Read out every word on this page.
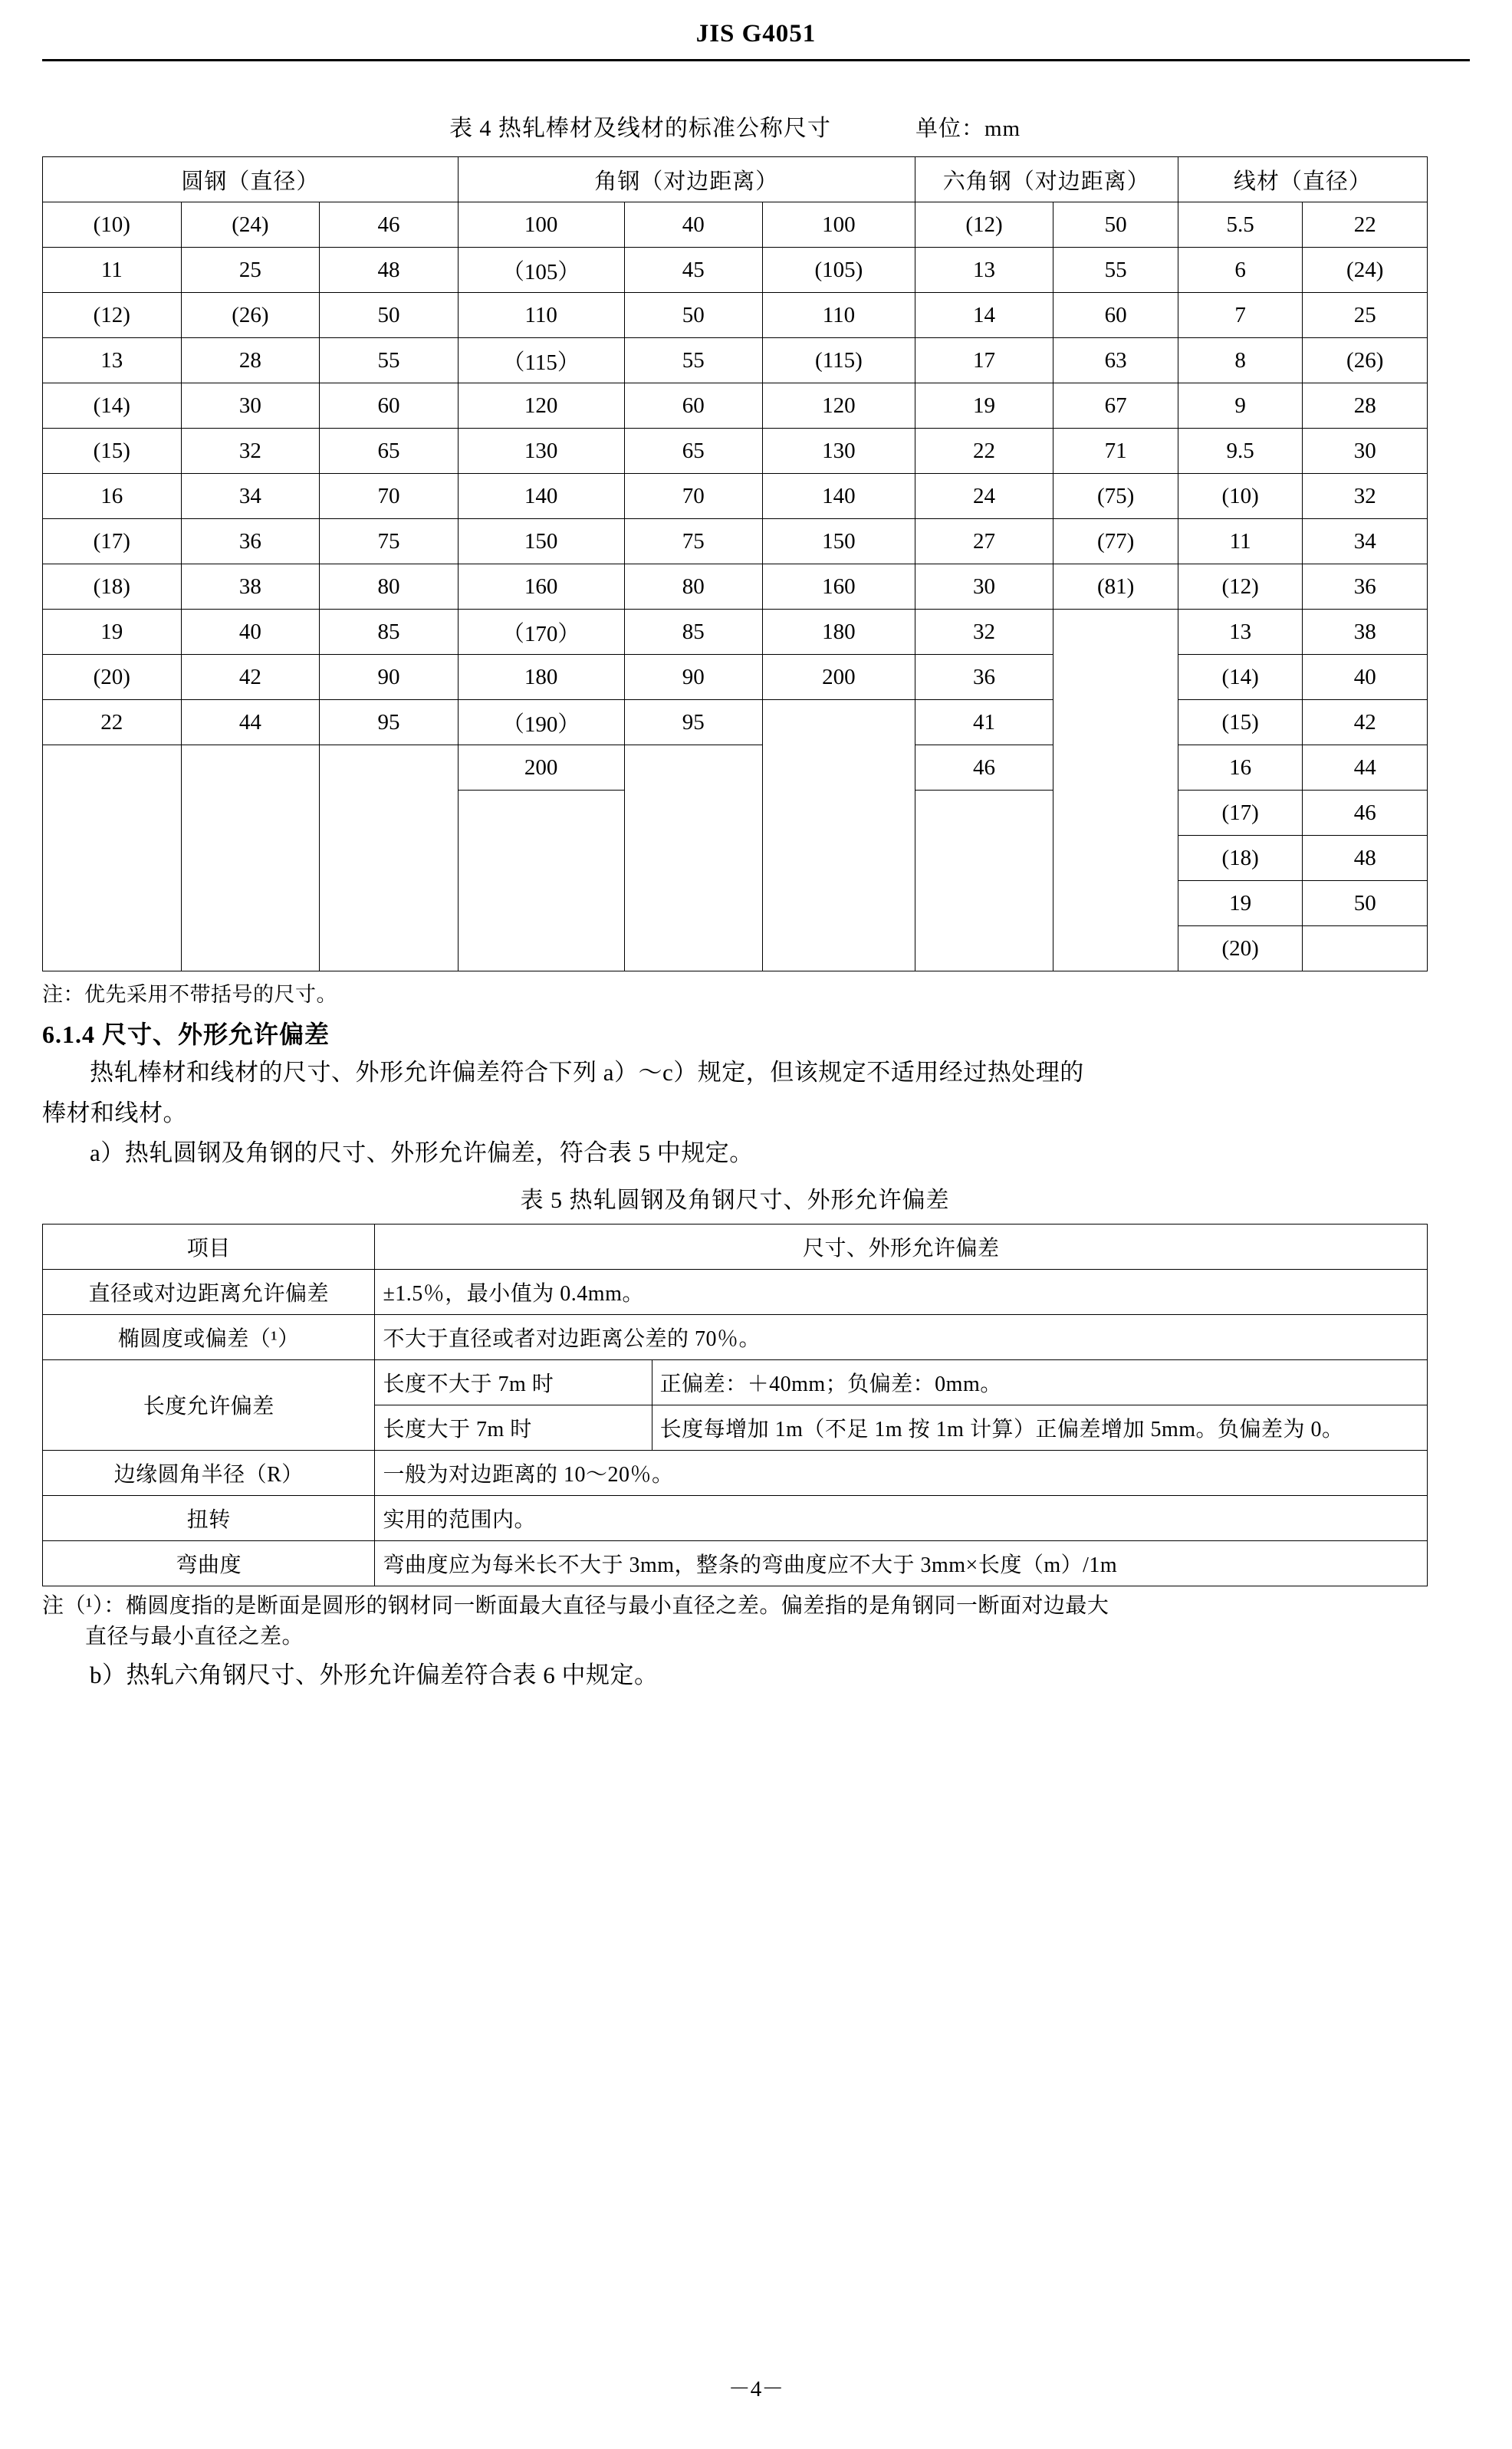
JIS G4051
表 4 热轧棒材及线材的标准公称尺寸	单位：mm
圆钢（直径）			角钢（对边距离）			六角钢（对边距离）		线材（直径）	
(10)	(24)	46	100	40	100	(12)	50	5.5	22
11	25	48	（105）	45	(105)	13	55	6	(24)
(12)	(26)	50	110	50	110	14	60	7	25
13	28	55	（115）	55	(115)	17	63	8	(26)
(14)	30	60	120	60	120	19	67	9	28
(15)	32	65	130	65	130	22	71	9.5	30
16	34	70	140	70	140	24	(75)	(10)	32
(17)	36	75	150	75	150	27	(77)	11	34
(18)	38	80	160	80	160	30	(81)	(12)	36
19	40	85	（170）	85	180	32		13	38
(20)	42	90	180	90	200	36		(14)	40
22	44	95	（190）	95		41		(15)	42
			200			46		16	44
								(17)	46
								(18)	48
								19	50
								(20)	
注：优先采用不带括号的尺寸。
6.1.4 尺寸、外形允许偏差
热轧棒材和线材的尺寸、外形允许偏差符合下列 a）～c）规定，但该规定不适用经过热处理的
棒材和线材。
a）热轧圆钢及角钢的尺寸、外形允许偏差，符合表 5 中规定。
表 5 热轧圆钢及角钢尺寸、外形允许偏差
项目	尺寸、外形允许偏差	
直径或对边距离允许偏差	±1.5％，最小值为 0.4mm。	
椭圆度或偏差（¹）	不大于直径或者对边距离公差的 70％。	
长度允许偏差	长度不大于 7m 时	正偏差：＋40mm；负偏差：0mm。
	长度大于 7m 时	长度每增加 1m（不足 1m 按 1m 计算）正偏差增加 5mm。负偏差为 0。
边缘圆角半径（R）	一般为对边距离的 10～20％。	
扭转	实用的范围内。	
弯曲度	弯曲度应为每米长不大于 3mm，整条的弯曲度应不大于 3mm×长度（m）/1m	
注（¹）：椭圆度指的是断面是圆形的钢材同一断面最大直径与最小直径之差。偏差指的是角钢同一断面对边最大
直径与最小直径之差。
b）热轧六角钢尺寸、外形允许偏差符合表 6 中规定。
－4－
